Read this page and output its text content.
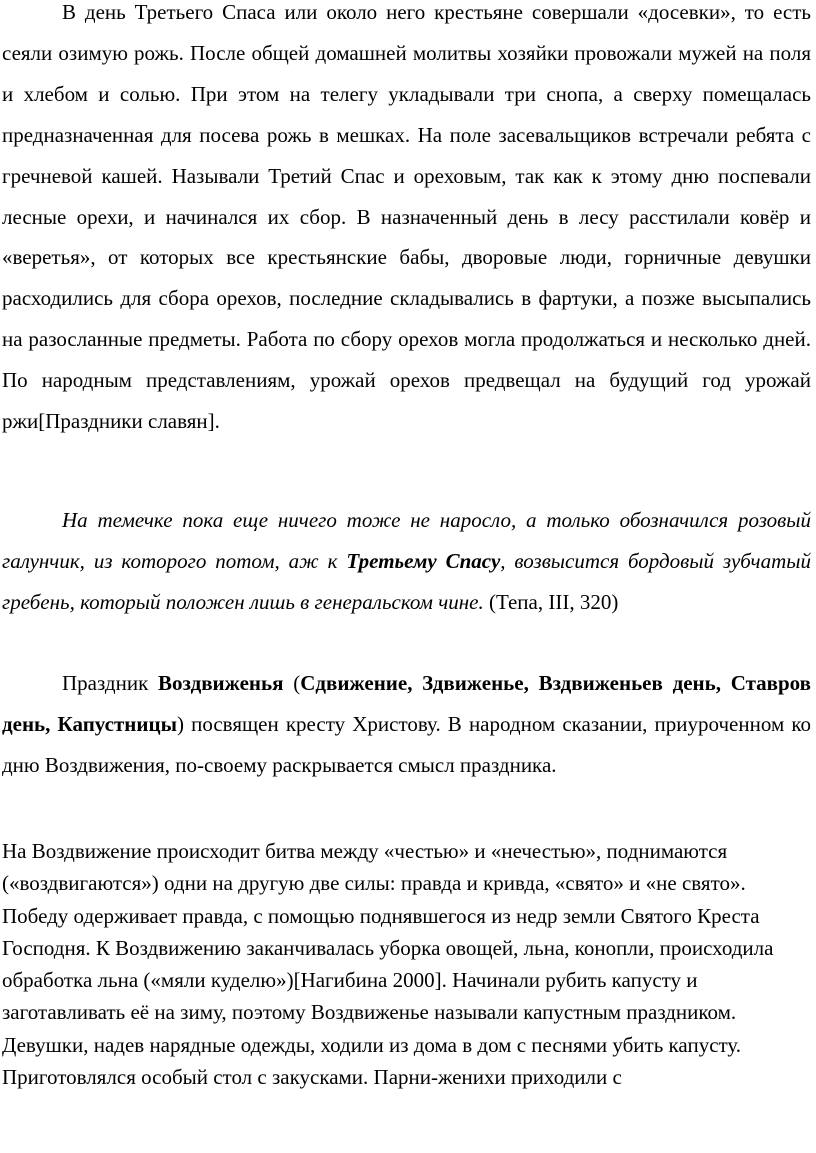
В день Третьего Спаса или около него крестьяне совершали «досевки», то есть сеяли озимую рожь. После общей домашней молитвы хозяйки провожали мужей на поля и хлебом и солью. При этом на телегу укладывали три снопа, а сверху помещалась предназначенная для посева рожь в мешках. На поле засевальщиков встречали ребята с гречневой кашей. Называли Третий Спас и ореховым, так как к этому дню поспевали лесные орехи, и начинался их сбор. В назначенный день в лесу расстилали ковёр и «веретья», от которых все крестьянские бабы, дворовые люди, горничные девушки расходились для сбора орехов, последние складывались в фартуки, а позже высыпались на разосланные предметы. Работа по сбору орехов могла продолжаться и несколько дней. По народным представлениям, урожай орехов предвещал на будущий год урожай ржи[Праздники славян].

На темечке пока еще ничего тоже не наросло, а только обозначился розовый галунчик, из которого потом, аж к Третьему Спасу, возвысится бордовый зубчатый гребень, который положен лишь в генеральском чине. (Тепа, III, 320)

Праздник Воздвиженья (Сдвижение, Здвиженье, Вздвиженьев день, Ставров день, Капустницы) посвящен кресту Христову. В народном сказании, приуроченном ко дню Воздвижения, по-своему раскрывается смысл праздника.

На Воздвижение происходит битва между «честью» и «нечестью», поднимаются («воздвигаются») одни на другую две силы: правда и кривда, «свято» и «не свято». Победу одерживает правда, с помощью поднявшегося из недр земли Святого Креста Господня. К Воздвижению заканчивалась уборка овощей, льна, конопли, происходила обработка льна («мяли куделю»)[Нагибина 2000]. Начинали рубить капусту и заготавливать её на зиму, поэтому Воздвиженье называли капустным праздником. Девушки, надев нарядные одежды, ходили из дома в дом с песнями убить капусту. Приготовлялся особый стол с закусками. Парни-женихи приходили с
